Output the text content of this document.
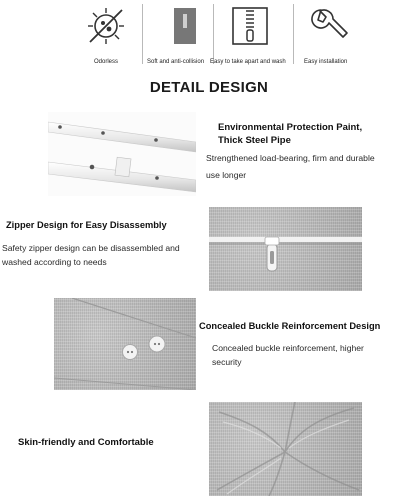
Odorless	Soft and anti-collision Easy to take apart and wash	Easy installation
DETAIL DESIGN
Environmental Protection Paint,
Thick Steel Pipe
Strengthened load-bearing, firm and durable
use longer
Zipper Design for Easy Disassembly
Safety zipper design can be disassembled and
washed according to needs
Concealed Buckle Reinforcement Design
Concealed buckle reinforcement, higher
security
Skin-friendly and Comfortable
